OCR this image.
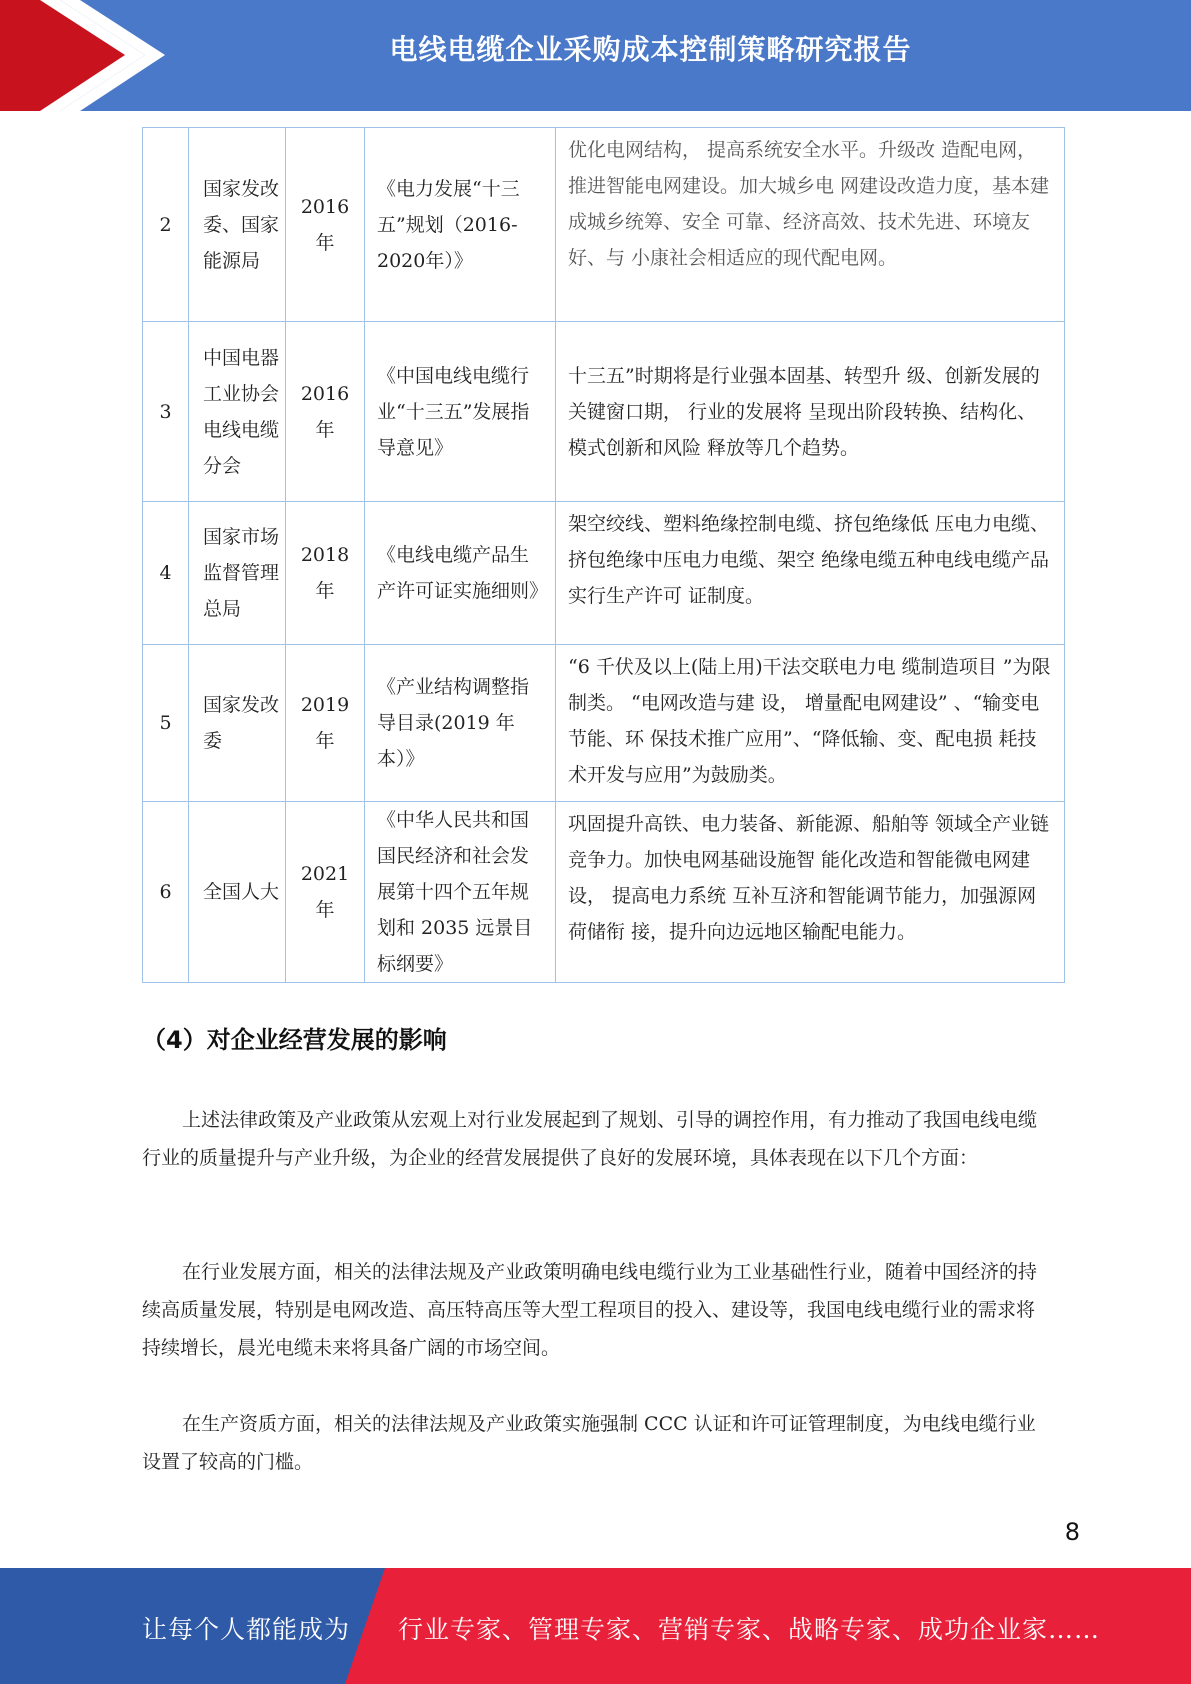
电线电缆企业采购成本控制策略研究报告
2	国家发改委、国家能源局	2016年	《电力发展“十三五”规划（2016-2020年）》	优化电网结构， 提高系统安全水平。升级改 造配电网， 推进智能电网建设。加大城乡电 网建设改造力度，基本建成城乡统筹、安全 可靠、经济高效、技术先进、环境友好、与 小康社会相适应的现代配电网。
3	中国电器工业协会电线电缆分会	2016年	《中国电线电缆行业“十三五”发展指导意见》	十三五”时期将是行业强本固基、转型升 级、创新发展的关键窗口期， 行业的发展将 呈现出阶段转换、结构化、模式创新和风险 释放等几个趋势。
4	国家市场监督管理总局	2018年	《电线电缆产品生产许可证实施细则》	架空绞线、塑料绝缘控制电缆、挤包绝缘低 压电力电缆、挤包绝缘中压电力电缆、架空 绝缘电缆五种电线电缆产品实行生产许可 证制度。
5	国家发改委	2019年	《产业结构调整指导目录(2019 年本）》	“6 千伏及以上(陆上用)干法交联电力电 缆制造项目 ”为限制类。 “电网改造与建 设， 增量配电网建设” 、“输变电节能、环 保技术推广应用”、“降低输、变、配电损 耗技术开发与应用”为鼓励类。
6	全国人大	2021年	《中华人民共和国国民经济和社会发展第十四个五年规划和 2035 远景目标纲要》	巩固提升高铁、电力装备、新能源、船舶等 领域全产业链竞争力。加快电网基础设施智 能化改造和智能微电网建设， 提高电力系统 互补互济和智能调节能力，加强源网荷储衔 接，提升向边远地区输配电能力。
（4）对企业经营发展的影响

上述法律政策及产业政策从宏观上对行业发展起到了规划、引导的调控作用，有力推动了我国电线电缆行业的质量提升与产业升级，为企业的经营发展提供了良好的发展环境，具体表现在以下几个方面：

在行业发展方面，相关的法律法规及产业政策明确电线电缆行业为工业基础性行业，随着中国经济的持续高质量发展，特别是电网改造、高压特高压等大型工程项目的投入、建设等，我国电线电缆行业的需求将持续增长，晨光电缆未来将具备广阔的市场空间。

在生产资质方面，相关的法律法规及产业政策实施强制 CCC 认证和许可证管理制度，为电线电缆行业设置了较高的门槛。

8
让每个人都能成为 行业专家、管理专家、营销专家、战略专家、成功企业家……
